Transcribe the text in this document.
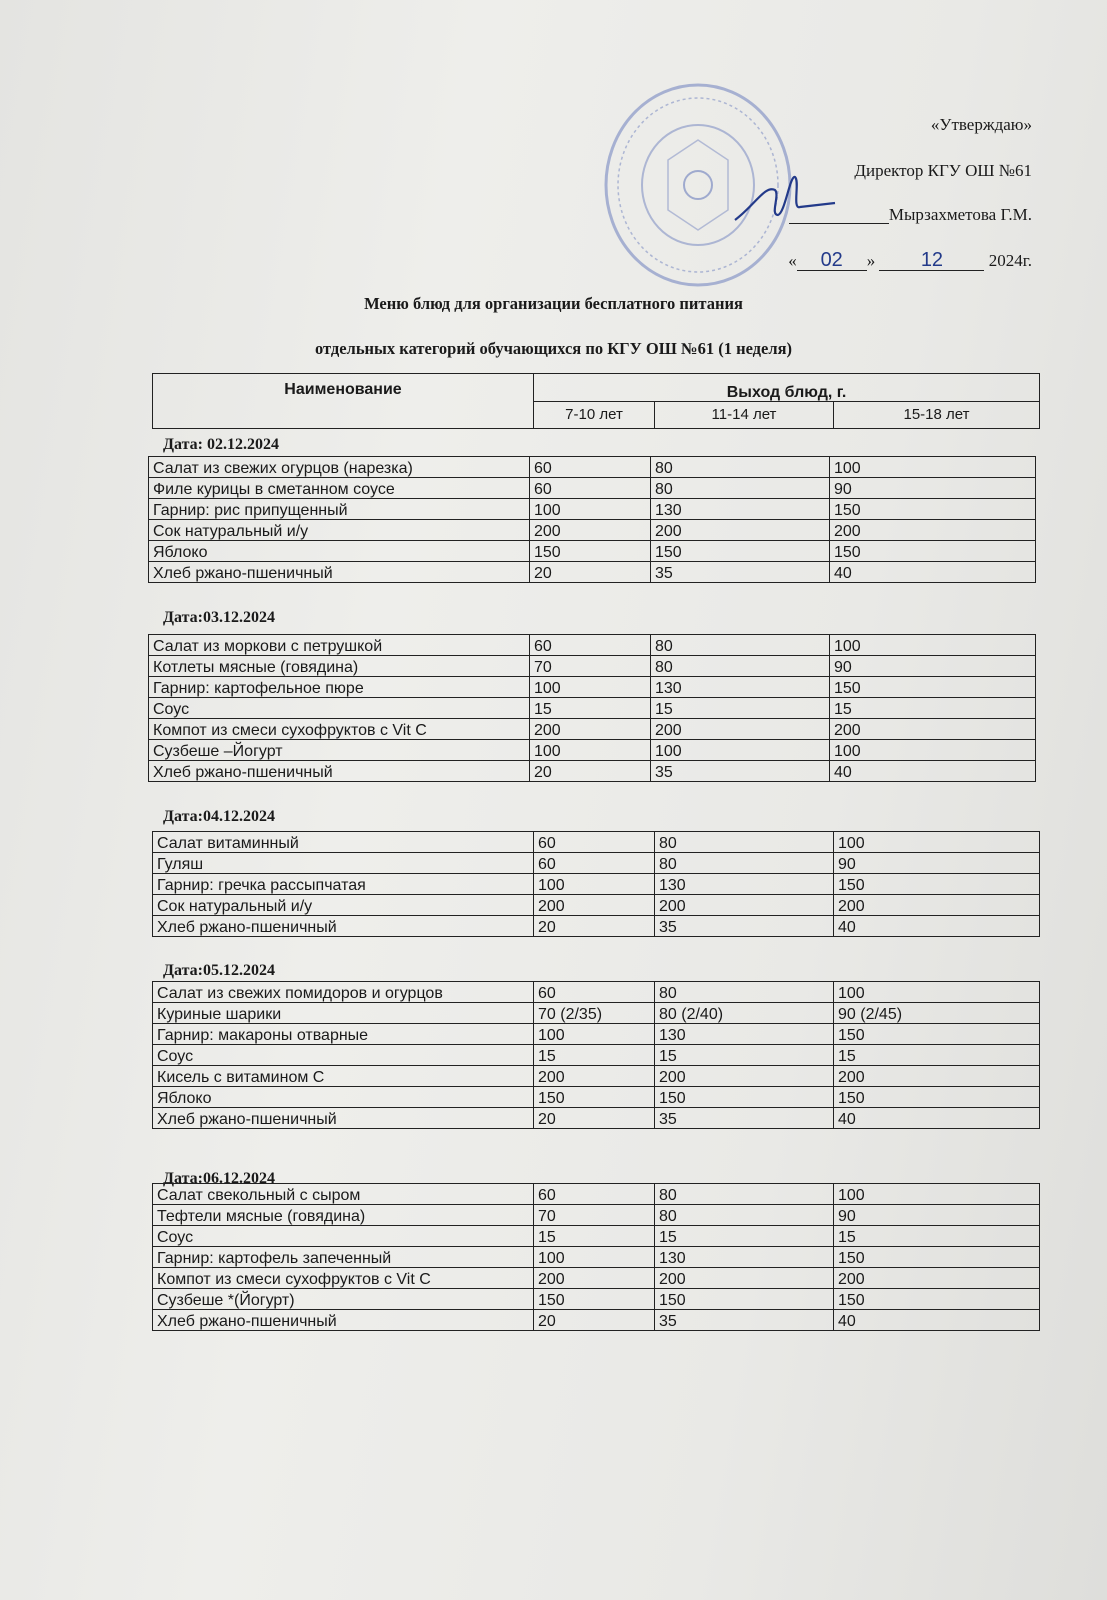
«Утверждаю»
Директор КГУ ОШ №61
Мырзахметова Г.М.
« 02 » 12	2024г.
Меню блюд для организации бесплатного питания
отдельных категорий обучающихся по КГУ ОШ №61 (1 неделя)
Наименование	Выход блюд, г.		
	7-10 лет	11-14 лет	15-18 лет
Дата: 02.12.2024
Салат из свежих огурцов (нарезка)	60	80	100
Филе курицы в сметанном соусе	60	80	90
Гарнир: рис припущенный	100	130	150
Сок натуральный и/у	200	200	200
Яблоко	150	150	150
Хлеб ржано-пшеничный	20	35	40
Дата:03.12.2024
Салат из моркови с петрушкой	60	80	100
Котлеты мясные (говядина)	70	80	90
Гарнир: картофельное пюре	100	130	150
Соус	15	15	15
Компот из смеси сухофруктов с Vit C	200	200	200
Сузбеше –Йогурт	100	100	100
Хлеб ржано-пшеничный	20	35	40
Дата:04.12.2024
Салат витаминный	60	80	100
Гуляш	60	80	90
Гарнир: гречка рассыпчатая	100	130	150
Сок натуральный и/у	200	200	200
Хлеб ржано-пшеничный	20	35	40
Дата:05.12.2024
Салат из свежих помидоров и огурцов	60	80	100
Куриные шарики	70 (2/35)	80 (2/40)	90 (2/45)
Гарнир: макароны отварные	100	130	150
Соус	15	15	15
Кисель с витамином С	200	200	200
Яблоко	150	150	150
Хлеб ржано-пшеничный	20	35	40
Дата:06.12.2024
Салат свекольный с сыром	60	80	100
Тефтели мясные (говядина)	70	80	90
Соус	15	15	15
Гарнир: картофель запеченный	100	130	150
Компот из смеси сухофруктов с Vit С	200	200	200
Сузбеше *(Йогурт)	150	150	150
Хлеб ржано-пшеничный	20	35	40
